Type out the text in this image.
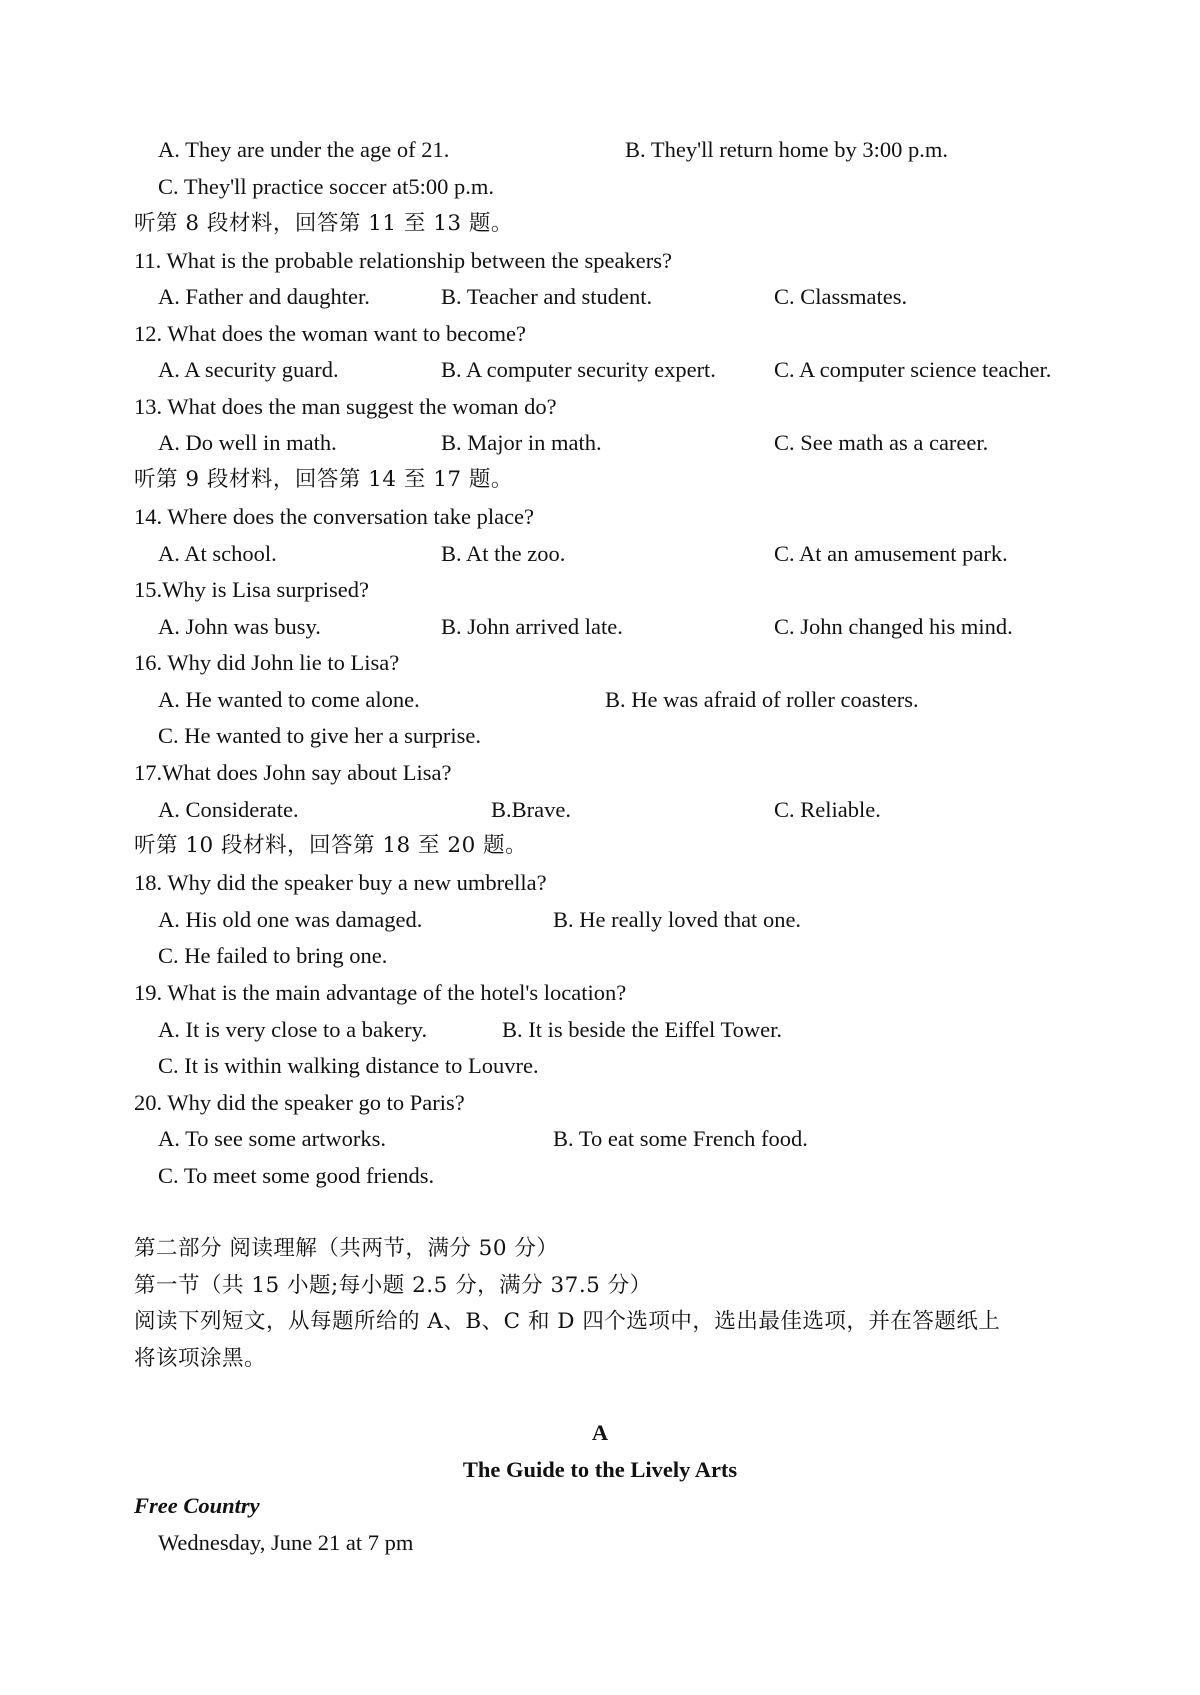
A. They are under the age of 21.	B. They'll return home by 3:00 p.m.
C. They'll practice soccer at5:00 p.m.
听第 8 段材料，回答第 11 至 13 题。
11. What is the probable relationship between the speakers?
A. Father and daughter.	B. Teacher and student.	C. Classmates.
12. What does the woman want to become?
A. A security guard.	B. A computer security expert.	C. A computer science teacher.
13. What does the man suggest the woman do?
A. Do well in math.	B. Major in math.	C. See math as a career.
听第 9 段材料，回答第 14 至 17 题。
14. Where does the conversation take place?
A. At school.	B. At the zoo.	C. At an amusement park.
15.Why is Lisa surprised?
A. John was busy.	B. John arrived late.	C. John changed his mind.
16. Why did John lie to Lisa?
A. He wanted to come alone.	B. He was afraid of roller coasters.
C. He wanted to give her a surprise.
17.What does John say about Lisa?
A. Considerate.	B.Brave.	C. Reliable.
听第 10 段材料，回答第 18 至 20 题。
18. Why did the speaker buy a new umbrella?
A. His old one was damaged.	B. He really loved that one.
C. He failed to bring one.
19. What is the main advantage of the hotel's location?
A. It is very close to a bakery.	B. It is beside the Eiffel Tower.
C. It is within walking distance to Louvre.
20. Why did the speaker go to Paris?
A. To see some artworks.	B. To eat some French food.
C. To meet some good friends.
第二部分 阅读理解（共两节，满分 50 分）
第一节（共 15 小题;每小题 2.5 分，满分 37.5 分）
阅读下列短文，从每题所给的 A、B、C 和 D 四个选项中，选出最佳选项，并在答题纸上
将该项涂黑。
A
The Guide to the Lively Arts
Free Country
Wednesday, June 21 at 7 pm
